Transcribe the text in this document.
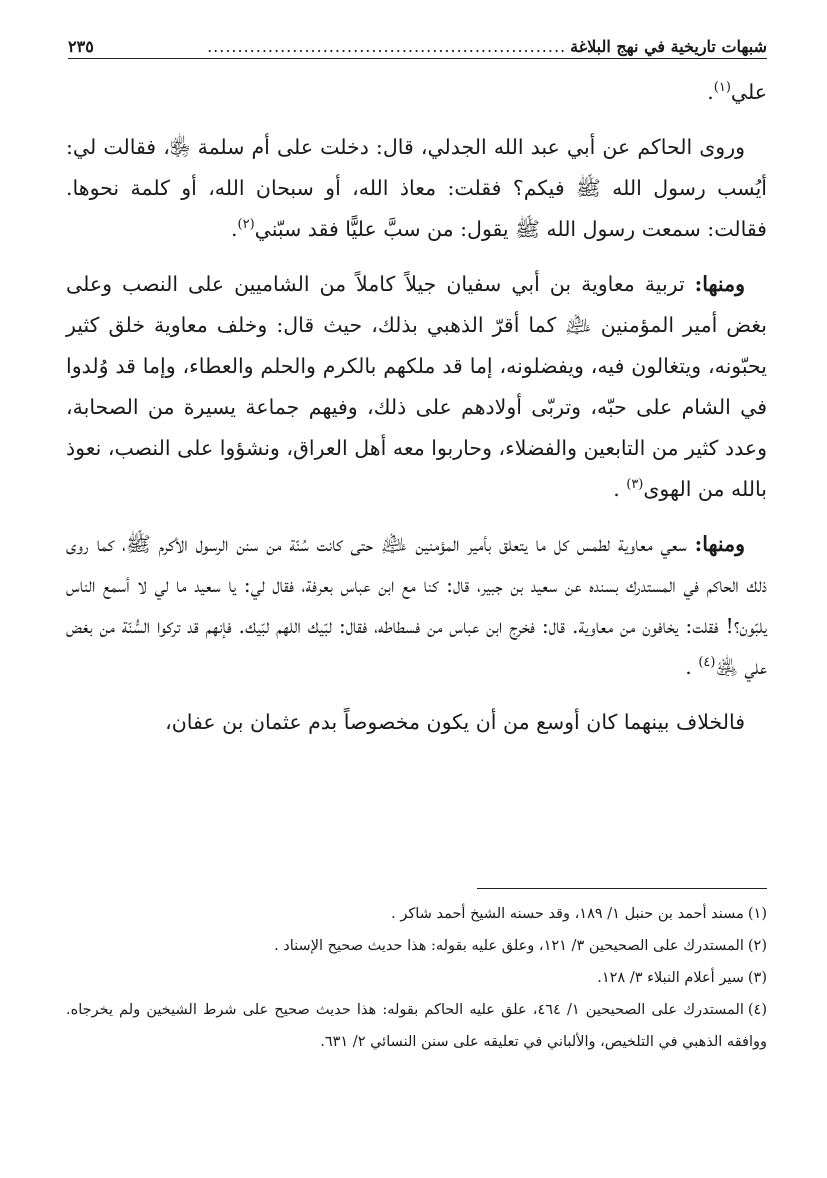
شبهات تاريخية في نهج البلاغة
...........................................................
٢٣٥

علي$^{(١)}$.

وروى الحاكم عن أبي عبد الله الجدلي، قال: دخلت على أم سلمة ﵂، فقالت لي: أيُسب رسول الله ﷺ فيكم؟ فقلت: معاذ الله، أو سبحان الله، أو كلمة نحوها. فقالت: سمعت رسول الله ﷺ يقول: من سبَّ عليًّا فقد سبّني$^{(٢)}$.

ومنها: تربية معاوية بن أبي سفيان جيلاً كاملاً من الشاميين على النصب وعلى بغض أمير المؤمنين ﵇ كما أقرّ الذهبي بذلك، حيث قال: وخلف معاوية خلق كثير يحبّونه، ويتغالون فيه، ويفضلونه، إما قد ملكهم بالكرم والحلم والعطاء، وإما قد وُلدوا في الشام على حبّه، وتربّى أولادهم على ذلك، وفيهم جماعة يسيرة من الصحابة، وعدد كثير من التابعين والفضلاء، وحاربوا معه أهل العراق، ونشؤوا على النصب، نعوذ بالله من الهوى$^{(٣)}$ .

ومنها: سعي معاوية لطمس كل ما يتعلق بأمير المؤمنين ﵇ حتى كانت سُنّة من سنن الرسول الأكرم ﷺ، كما روى ذلك الحاكم في المستدرك بسنده عن سعيد بن جبير، قال: كنا مع ابن عباس بعرفة، فقال لي: يا سعيد ما لي لا أسمع الناس يلبّون؟! فقلت: يخافون من معاوية. قال: فخرج ابن عباس من فسطاطه، فقال: لبّيك اللهم لبّيك. فإنهم قد تركوا السُّنّة من بغض علي ﵁$^{(٤)}$ .

فالخلاف بينهما كان أوسع من أن يكون مخصوصاً بدم عثمان بن عفان،

(١)مسند أحمد بن حنبل ١/ ١٨٩، وقد حسنه الشيخ أحمد شاكر .

(٢)المستدرك على الصحيحين ٣/ ١٢١، وعلق عليه بقوله: هذا حديث صحيح الإسناد .

(٣)سير أعلام النبلاء ٣/ ١٢٨.

(٤)المستدرك على الصحيحين ١/ ٤٦٤، علق عليه الحاكم بقوله: هذا حديث صحيح على شرط الشيخين ولم يخرجاه. ووافقه الذهبي في التلخيص، والألباني في تعليقه على سنن النسائي ٢/ ٦٣١.
